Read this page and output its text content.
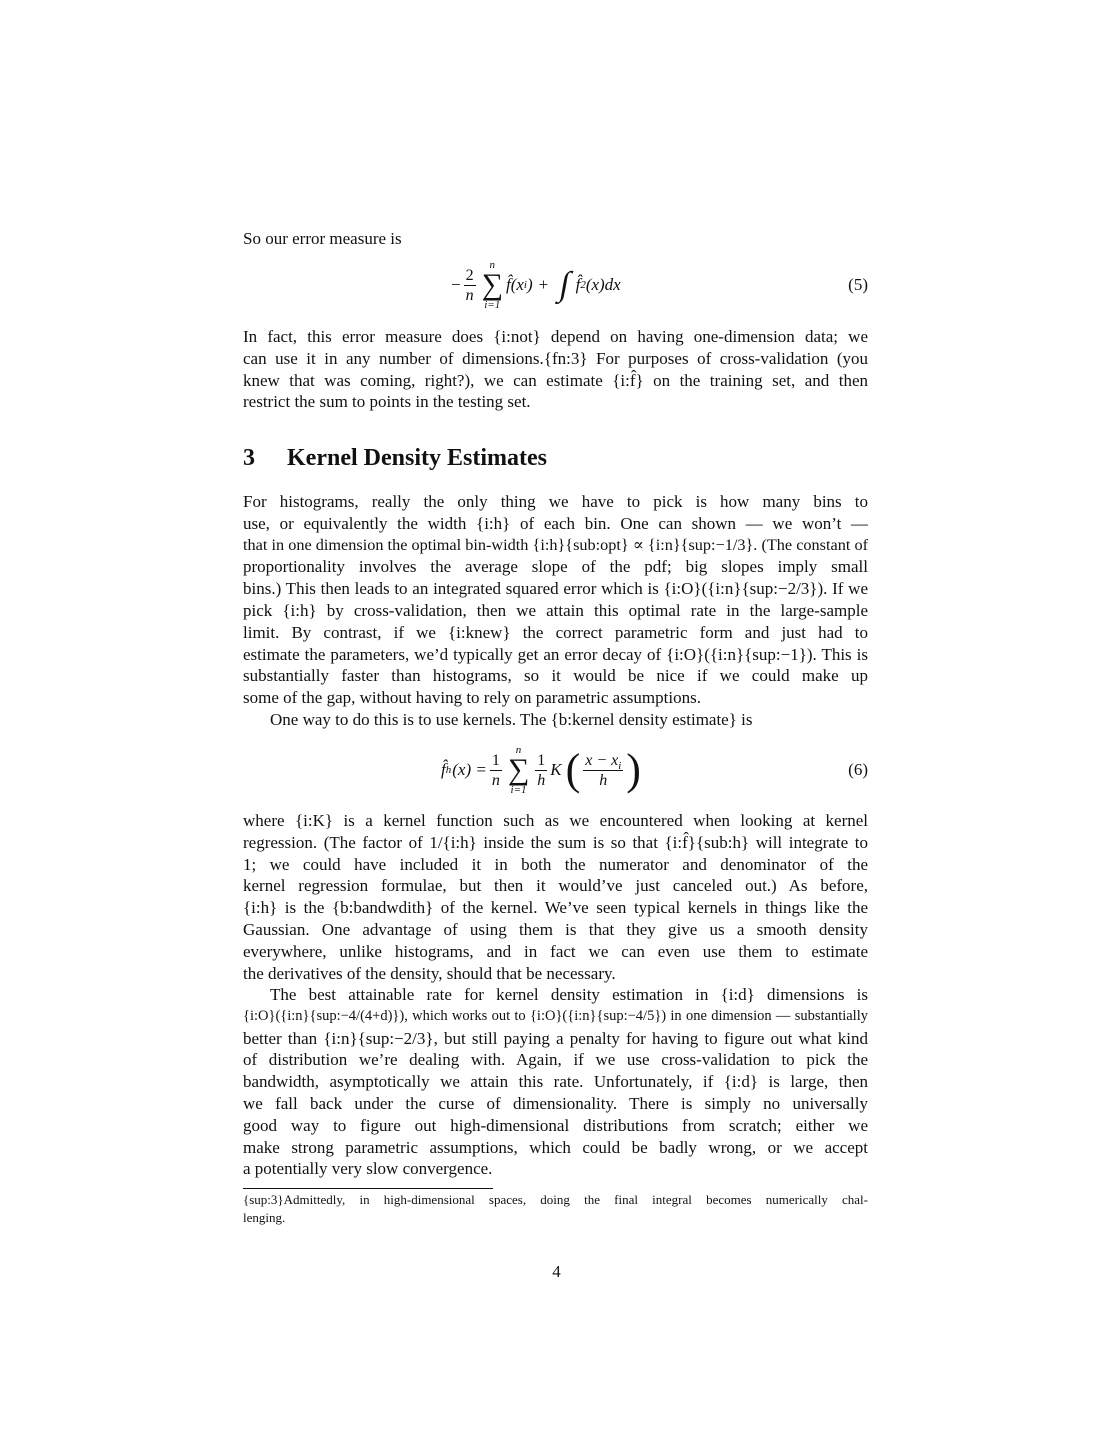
So our error measure is
− $\frac{2}{n}$
n
∑
i=1
f̂(x i ) + ∫ f̂ 2 (x)dx	(5)
In fact, this error measure does {i:not} depend on having one-dimension data; we
can use it in any number of dimensions.{fn:3} For purposes of cross-validation (you
knew that was coming, right?), we can estimate {i:f̂} on the training set, and then
restrict the sum to points in the testing set.
3 Kernel Density Estimates
For histograms, really the only thing we have to pick is how many bins to
use, or equivalently the width {i:h} of each bin. One can shown — we won’t —
that in one dimension the optimal bin-width {i:h}{sub:opt} ∝ {i:n}{sup:−1/3}. (The constant of
proportionality involves the average slope of the pdf; big slopes imply small
bins.) This then leads to an integrated squared error which is {i:O}({i:n}{sup:−2/3}). If we
pick {i:h} by cross-validation, then we attain this optimal rate in the large-sample
limit. By contrast, if we {i:knew} the correct parametric form and just had to
estimate the parameters, we’d typically get an error decay of {i:O}({i:n}{sup:−1}). This is
substantially faster than histograms, so it would be nice if we could make up
some of the gap, without having to rely on parametric assumptions.
One way to do this is to use kernels. The {b:kernel density estimate} is
f̂ h $(x) = \frac{1}{n}$
n
∑
i=1
$\frac{1}{h}$ K ( $\frac{x - x_i}{h}$ )	(6)
where {i:K} is a kernel function such as we encountered when looking at kernel
regression. (The factor of 1/{i:h} inside the sum is so that {i:f̂}{sub:h} will integrate to
1; we could have included it in both the numerator and denominator of the
kernel regression formulae, but then it would’ve just canceled out.) As before,
{i:h} is the {b:bandwdith} of the kernel. We’ve seen typical kernels in things like the
Gaussian. One advantage of using them is that they give us a smooth density
everywhere, unlike histograms, and in fact we can even use them to estimate
the derivatives of the density, should that be necessary.
The best attainable rate for kernel density estimation in {i:d} dimensions is
{i:O}({i:n}{sup:−4/(4+d)}), which works out to {i:O}({i:n}{sup:−4/5}) in one dimension — substantially
better than {i:n}{sup:−2/3}, but still paying a penalty for having to figure out what kind
of distribution we’re dealing with. Again, if we use cross-validation to pick the
bandwidth, asymptotically we attain this rate. Unfortunately, if {i:d} is large, then
we fall back under the curse of dimensionality. There is simply no universally
good way to figure out high-dimensional distributions from scratch; either we
make strong parametric assumptions, which could be badly wrong, or we accept
a potentially very slow convergence.
{sup:3}Admittedly, in high-dimensional spaces, doing the final integral becomes numerically chal-
lenging.
4
